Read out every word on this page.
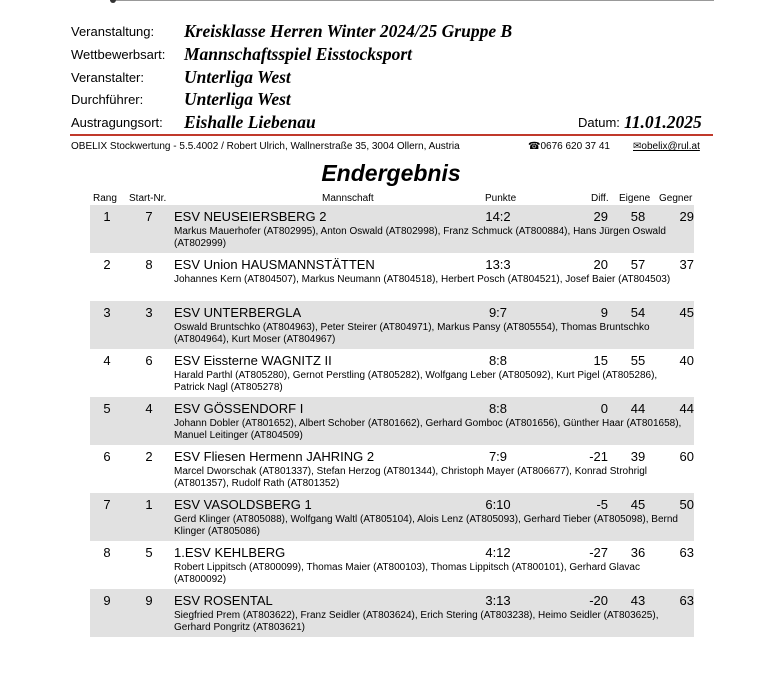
Veranstaltung: Kreisklasse Herren Winter 2024/25 Gruppe B
Wettbewerbsart: Mannschaftsspiel Eisstocksport
Veranstalter: Unterliga West
Durchführer: Unterliga West
Austragungsort: Eishalle Liebenau	Datum: 11.01.2025
OBELIX Stockwertung - 5.5.4002 / Robert Ulrich, Wallnerstraße 35, 3004 Ollern, Austria	☎0676 620 37 41 ✉obelix@rul.at
Endergebnis
Rang Start-Nr.	Mannschaft	Punkte	Diff. Eigene Gegner
1	7 ESV NEUSEIERSBERG 2	14:2	29	58	29
Markus Mauerhofer (AT802995), Anton Oswald (AT802998), Franz Schmuck (AT800884), Hans Jürgen Oswald (AT802999)
2	8 ESV Union HAUSMANNSTÄTTEN	13:3	20	57	37
Johannes Kern (AT804507), Markus Neumann (AT804518), Herbert Posch (AT804521), Josef Baier (AT804503)
3	3 ESV UNTERBERGLA	9:7	9	54	45
Oswald Bruntschko (AT804963), Peter Steirer (AT804971), Markus Pansy (AT805554), Thomas Bruntschko (AT804964), Kurt Moser (AT804967)
4	6 ESV Eissterne WAGNITZ II	8:8	15	55	40
Harald Parthl (AT805280), Gernot Perstling (AT805282), Wolfgang Leber (AT805092), Kurt Pigel (AT805286), Patrick Nagl (AT805278)
5	4 ESV GÖSSENDORF I	8:8	0	44	44
Johann Dobler (AT801652), Albert Schober (AT801662), Gerhard Gomboc (AT801656), Günther Haar (AT801658), Manuel Leitinger (AT804509)
6	2 ESV Fliesen Hermenn JAHRING 2	7:9	-21	39	60
Marcel Dworschak (AT801337), Stefan Herzog (AT801344), Christoph Mayer (AT806677), Konrad Strohrigl (AT801357), Rudolf Rath (AT801352)
7	1 ESV VASOLDSBERG 1	6:10	-5	45	50
Gerd Klinger (AT805088), Wolfgang Waltl (AT805104), Alois Lenz (AT805093), Gerhard Tieber (AT805098), Bernd Klinger (AT805086)
8	5 1.ESV KEHLBERG	4:12	-27	36	63
Robert Lippitsch (AT800099), Thomas Maier (AT800103), Thomas Lippitsch (AT800101), Gerhard Glavac (AT800092)
9	9 ESV ROSENTAL	3:13	-20	43	63
Siegfried Prem (AT803622), Franz Seidler (AT803624), Erich Stering (AT803238), Heimo Seidler (AT803625), Gerhard Pongritz (AT803621)
